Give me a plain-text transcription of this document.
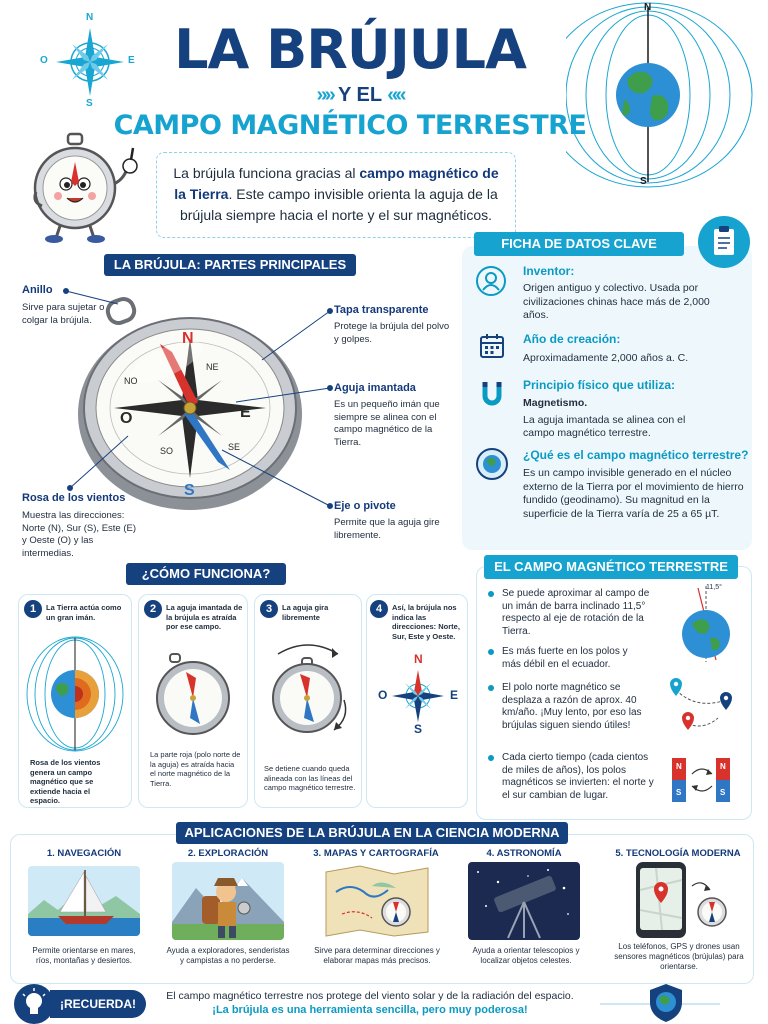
N
S
O	E LA BRÚJULA
»» Y EL ««
CAMPO MAGNÉTICO TERRESTRE
N
S
La brújula funciona gracias al campo magnético de la Tierra. Este campo invisible orienta la aguja de la brújula siempre hacia el norte y el sur magnéticos.
LA BRÚJULA: PARTES PRINCIPALES
Anillo
Sirve para sujetar o colgar la brújula.
Rosa de los vientos
Muestra las direcciones: Norte (N), Sur (S), Este (E) y Oeste (O) y las intermedias.
Tapa transparente
Protege la brújula del polvo y golpes.
Aguja imantada
Es un pequeño imán que siempre se alinea con el campo magnético de la Tierra.
Eje o pivote
Permite que la aguja gire libremente.
N
S
E
O
NE
NO
SE
SO
FICHA DE DATOS CLAVE
Inventor:
Origen antiguo y colectivo. Usada por civilizaciones chinas hace más de 2,000 años.
Año de creación:
Aproximadamente 2,000 años a. C.
Principio físico que utiliza:
Magnetismo.
La aguja imantada se alinea con el campo magnético terrestre.
¿Qué es el campo magnético terrestre?
Es un campo invisible generado en el núcleo externo de la Tierra por el movimiento de hierro fundido (geodinamo). Su magnitud en la superficie de la Tierra varía de 25 a 65 µT.
¿CÓMO FUNCIONA?
1	La Tierra actúa como un gran imán.
2	La aguja imantada de la brújula es atraída por ese campo.
3	La aguja gira libremente
4	Así, la brújula nos indica las direcciones: Norte, Sur, Este y Oeste.
Rosa de los vientos genera un campo magnético que se extiende hacia el espacio.
La parte roja (polo norte de la aguja) es atraída hacia el norte magnético de la Tierra.
Se detiene cuando queda alineada con las líneas del campo magnético terrestre.
N
S
O	E
EL CAMPO MAGNÉTICO TERRESTRE
Se puede aproximar al campo de un imán de barra inclinado 11,5° respecto al eje de rotación de la Tierra.
Es más fuerte en los polos y más débil en el ecuador.
El polo norte magnético se desplaza a razón de aprox. 40 km/año. ¡Muy lento, por eso las brújulas siguen siendo útiles!
Cada cierto tiempo (cada cientos de miles de años), los polos magnéticos se invierten: el norte y el sur cambian de lugar.
11,5°
N
S
N
S
APLICACIONES DE LA BRÚJULA EN LA CIENCIA MODERNA
1. NAVEGACIÓN
Permite orientarse en mares, ríos, montañas y desiertos.
2. EXPLORACIÓN
Ayuda a exploradores, senderistas y campistas a no perderse.
3. MAPAS Y CARTOGRAFÍA
Sirve para determinar direcciones y elaborar mapas más precisos.
4. ASTRONOMÍA
Ayuda a orientar telescopios y localizar objetos celestes.
5. TECNOLOGÍA MODERNA
Los teléfonos, GPS y drones usan sensores magnéticos (brújulas) para orientarse.
¡RECUERDA!
El campo magnético terrestre nos protege del viento solar y de la radiación del espacio.
¡La brújula es una herramienta sencilla, pero muy poderosa!
